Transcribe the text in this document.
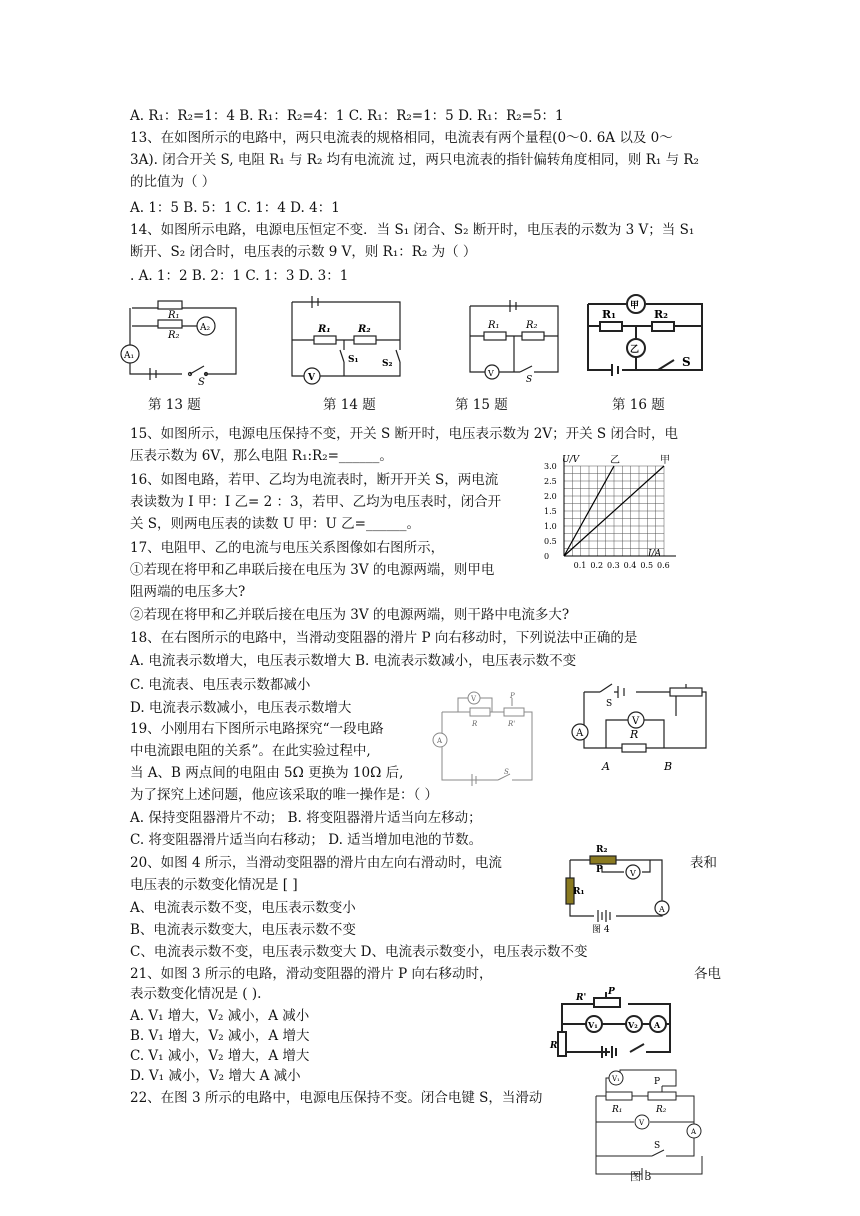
A. R₁：R₂=1：4 B. R₁：R₂=4：1 C. R₁：R₂=1：5 D. R₁：R₂=5：1
13、在如图所示的电路中，两只电流表的规格相同，电流表有两个量程(0～0. 6A 以及 0～
3A). 闭合开关 S, 电阻 R₁ 与 R₂ 均有电流流 过，两只电流表的指针偏转角度相同，则 R₁ 与 R₂
的比值为（ ）
A. 1：5 B. 5：1 C. 1：4 D. 4：1
14、如图所示电路，电源电压恒定不变．当 S₁ 闭合、S₂ 断开时，电压表的示数为 3 V；当 S₁
断开、S₂ 闭合时，电压表的示数 9 V，则 R₁：R₂ 为（ ）
. A. 1：2 B. 2：1 C. 1：3 D. 3：1
R₁
R₂
A₂
A₁
S
R₁	R₂
S₁	S₂
V
R₁	R₂
V
S
R₁	R₂
甲
乙
S
第 13 题	第 14 题	第 15 题	第 16 题
15、如图所示，电源电压保持不变，开关 S 断开时，电压表示数为 2V；开关 S 闭合时，电
压表示数为 6V，那么电阻 R₁:R₂=______。
16、如图电路，若甲、乙均为电流表时，断开开关 S，两电流
表读数为 I 甲：I 乙= 2 ：3，若甲、乙均为电压表时，闭合开
关 S，则两电压表的读数 U 甲：U 乙=______。
17、电阻甲、乙的电流与电压关系图像如右图所示，
①若现在将甲和乙串联后接在电压为 3V 的电源两端，则甲电
阻两端的电压多大?
②若现在将甲和乙并联后接在电压为 3V 的电源两端，则干路中电流多大?
0.1 0.2 0.3 0.4 0.5 0.6
0
0.5
1.0
1.5
2.0
2.5
3.0
乙	甲
U/V
I/A
18、在右图所示的电路中，当滑动变阻器的滑片 P 向右移动时，下列说法中正确的是
A. 电流表示数增大，电压表示数增大 B. 电流表示数减小，电压表示数不变
C. 电流表、电压表示数都减小
D. 电流表示数减小，电压表示数增大
19、小刚用右下图所示电路探究“一段电路
中电流跟电阻的关系”。在此实验过程中,
当 A、B 两点间的电阻由 5Ω 更换为 10Ω 后,
为了探究上述问题，他应该采取的唯一操作是：（ ）
A. 保持变阻器滑片不动； B. 将变阻器滑片适当向左移动；
C. 将变阻器滑片适当向右移动； D. 适当增加电池的节数。
V
A
R	R'
P
S
S
A
V
R
A	B
20、如图 4 所示，当滑动变阻器的滑片由左向右滑动时，电流	表和
电压表的示数变化情况是 [ ]
A、电流表示数不变，电压表示数变小
B、电流表示数变大，电压表示数不变
C、电流表示数不变，电压表示数变大 D、电流表示数变小，电压表示数不变
R₂
P
R₁
V
A
图 4
21、如图 3 所示的电路，滑动变阻器的滑片 P 向右移动时，	各电
表示数变化情况是 ( ).
A. V₁ 增大，V₂ 减小，A 减小
B. V₁ 增大，V₂ 减小，A 增大
C. V₁ 减小，V₂ 增大，A 增大
D. V₁ 减小，V₂ 增大 A 减小
22、在图 3 所示的电路中，电源电压保持不变。闭合电键 S，当滑动
R'
P
R
V₁	V₂ A
V₁	P
R₁	R₂
V
A
S
图 3
